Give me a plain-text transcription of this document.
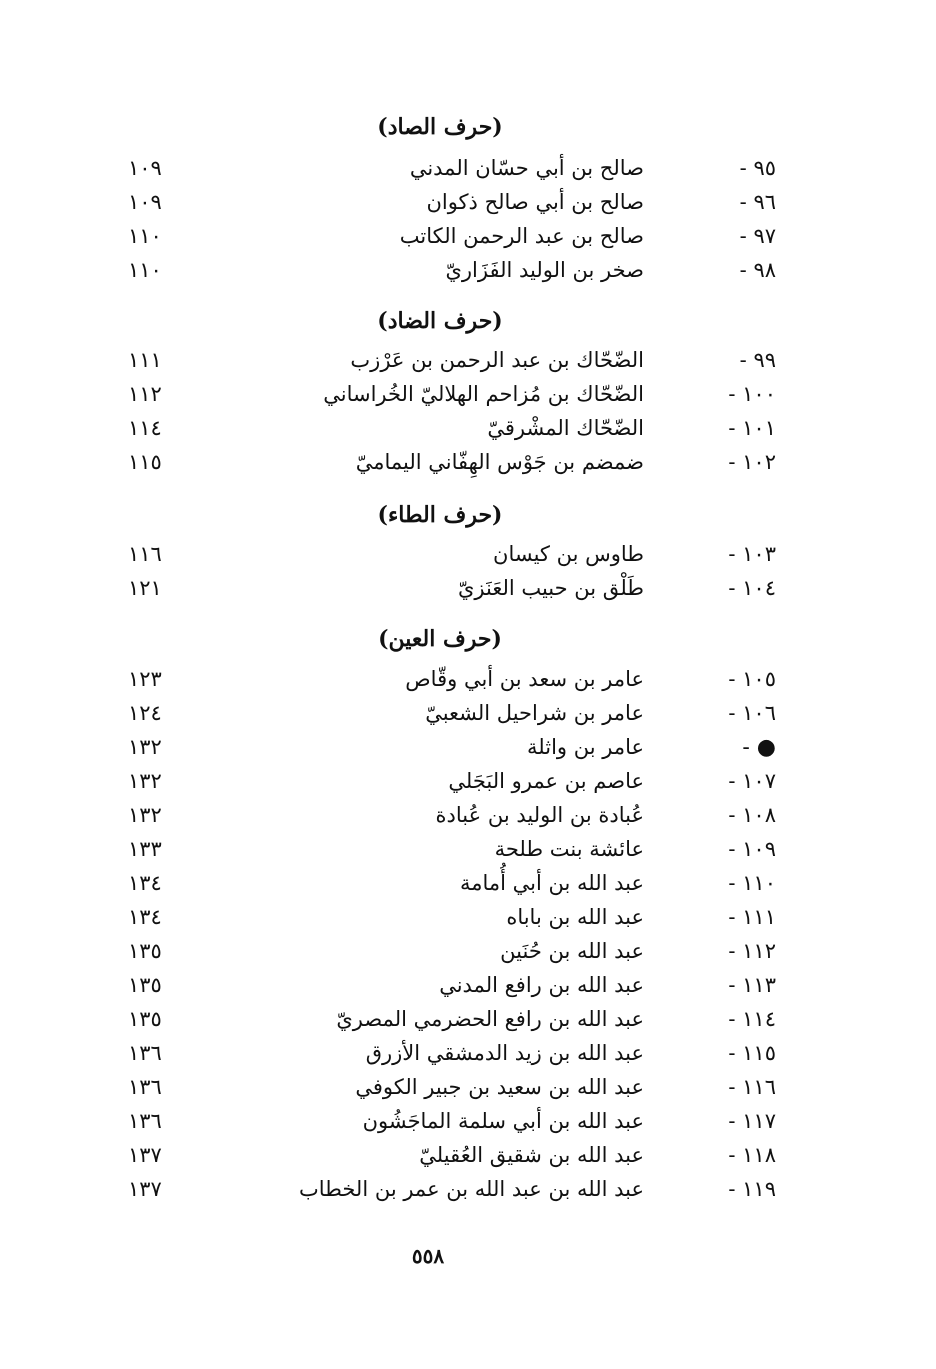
(حرف الصاد)
٩٥ -
صالح بن أبي حسّان المدني
١٠٩
٩٦ -
صالح بن أبي صالح ذكوان
١٠٩
٩٧ -
صالح بن عبد الرحمن الكاتب
١١٠
٩٨ -
صخر بن الوليد الفَزَاريّ
١١٠
(حرف الضاد)
٩٩ -
الضّحّاك بن عبد الرحمن بن عَرْزب
١١١
١٠٠ -
الضّحّاك بن مُزاحم الهلاليّ الخُراساني
١١٢
١٠١ -
الضّحّاك المشْرقيّ
١١٤
١٠٢ -
ضمضم بن جَوْس الهِفّاني اليماميّ
١١٥
(حرف الطاء)
١٠٣ -
طاوس بن كيسان
١١٦
١٠٤ -
طَلْق بن حبيب العَنَزيّ
١٢١
(حرف العين)
١٠٥ -
عامر بن سعد بن أبي وقّاص
١٢٣
١٠٦ -
عامر بن شراحيل الشعبيّ
١٢٤
● -
عامر بن واثلة
١٣٢
١٠٧ -
عاصم بن عمرو البَجَلي
١٣٢
١٠٨ -
عُبادة بن الوليد بن عُبادة
١٣٢
١٠٩ -
عائشة بنت طلحة
١٣٣
١١٠ -
عبد الله بن أبي أُمامة
١٣٤
١١١ -
عبد الله بن باباه
١٣٤
١١٢ -
عبد الله بن حُنَين
١٣٥
١١٣ -
عبد الله بن رافع المدني
١٣٥
١١٤ -
عبد الله بن رافع الحضرمي المصريّ
١٣٥
١١٥ -
عبد الله بن زيد الدمشقي الأزرق
١٣٦
١١٦ -
عبد الله بن سعيد بن جبير الكوفي
١٣٦
١١٧ -
عبد الله بن أبي سلمة الماجَشُون
١٣٦
١١٨ -
عبد الله بن شقيق العُقيليّ
١٣٧
١١٩ -
عبد الله بن عبد الله بن عمر بن الخطاب
١٣٧
٥٥٨
